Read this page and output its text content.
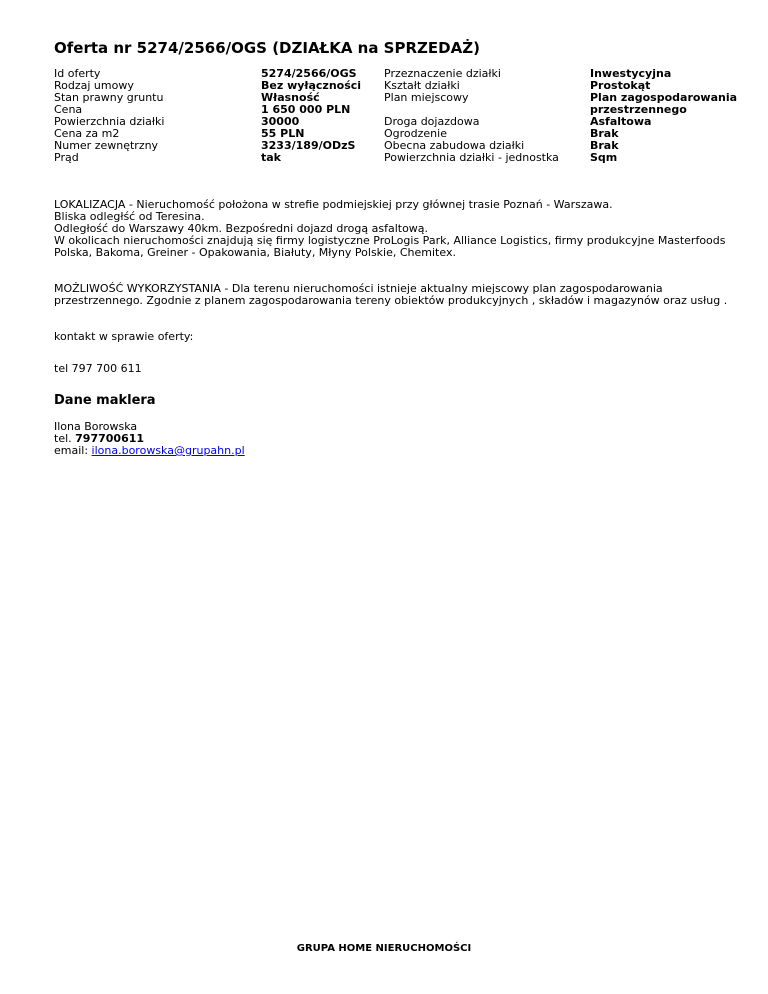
Oferta nr 5274/2566/OGS (DZIAŁKA na SPRZEDAŻ)
Id oferty
Rodzaj umowy
Stan prawny gruntu
Cena
Powierzchnia działki
Cena za m2
Numer zewnętrzny
Prąd
5274/2566/OGS
Bez wyłączności
Własność
1 650 000 PLN
30000
55 PLN
3233/189/ODzS
tak
Przeznaczenie działki
Kształt działki
Plan miejscowy
Droga dojazdowa
Ogrodzenie
Obecna zabudowa działki
Powierzchnia działki - jednostka
Inwestycyjna
Prostokąt
Plan zagospodarowania
przestrzennego
Asfaltowa
Brak
Brak
Sqm
LOKALIZACJA - Nieruchomość położona w strefie podmiejskiej przy głównej trasie Poznań - Warszawa.
Bliska odległść od Teresina.
Odległość do Warszawy 40km. Bezpośredni dojazd drogą asfaltową.
W okolicach nieruchomości znajdują się firmy logistyczne ProLogis Park, Alliance Logistics, firmy produkcyjne Masterfoods
Polska, Bakoma, Greiner - Opakowania, Białuty, Młyny Polskie, Chemitex.
MOŻLIWOŚĆ WYKORZYSTANIA - Dla terenu nieruchomości istnieje aktualny miejscowy plan zagospodarowania
przestrzennego. Zgodnie z planem zagospodarowania tereny obiektów produkcyjnych , składów i magazynów oraz usług .
kontakt w sprawie oferty:
tel 797 700 611
Dane maklera
Ilona Borowska
tel. 797700611
email: ilona.borowska@grupahn.pl
GRUPA HOME NIERUCHOMOŚCI
